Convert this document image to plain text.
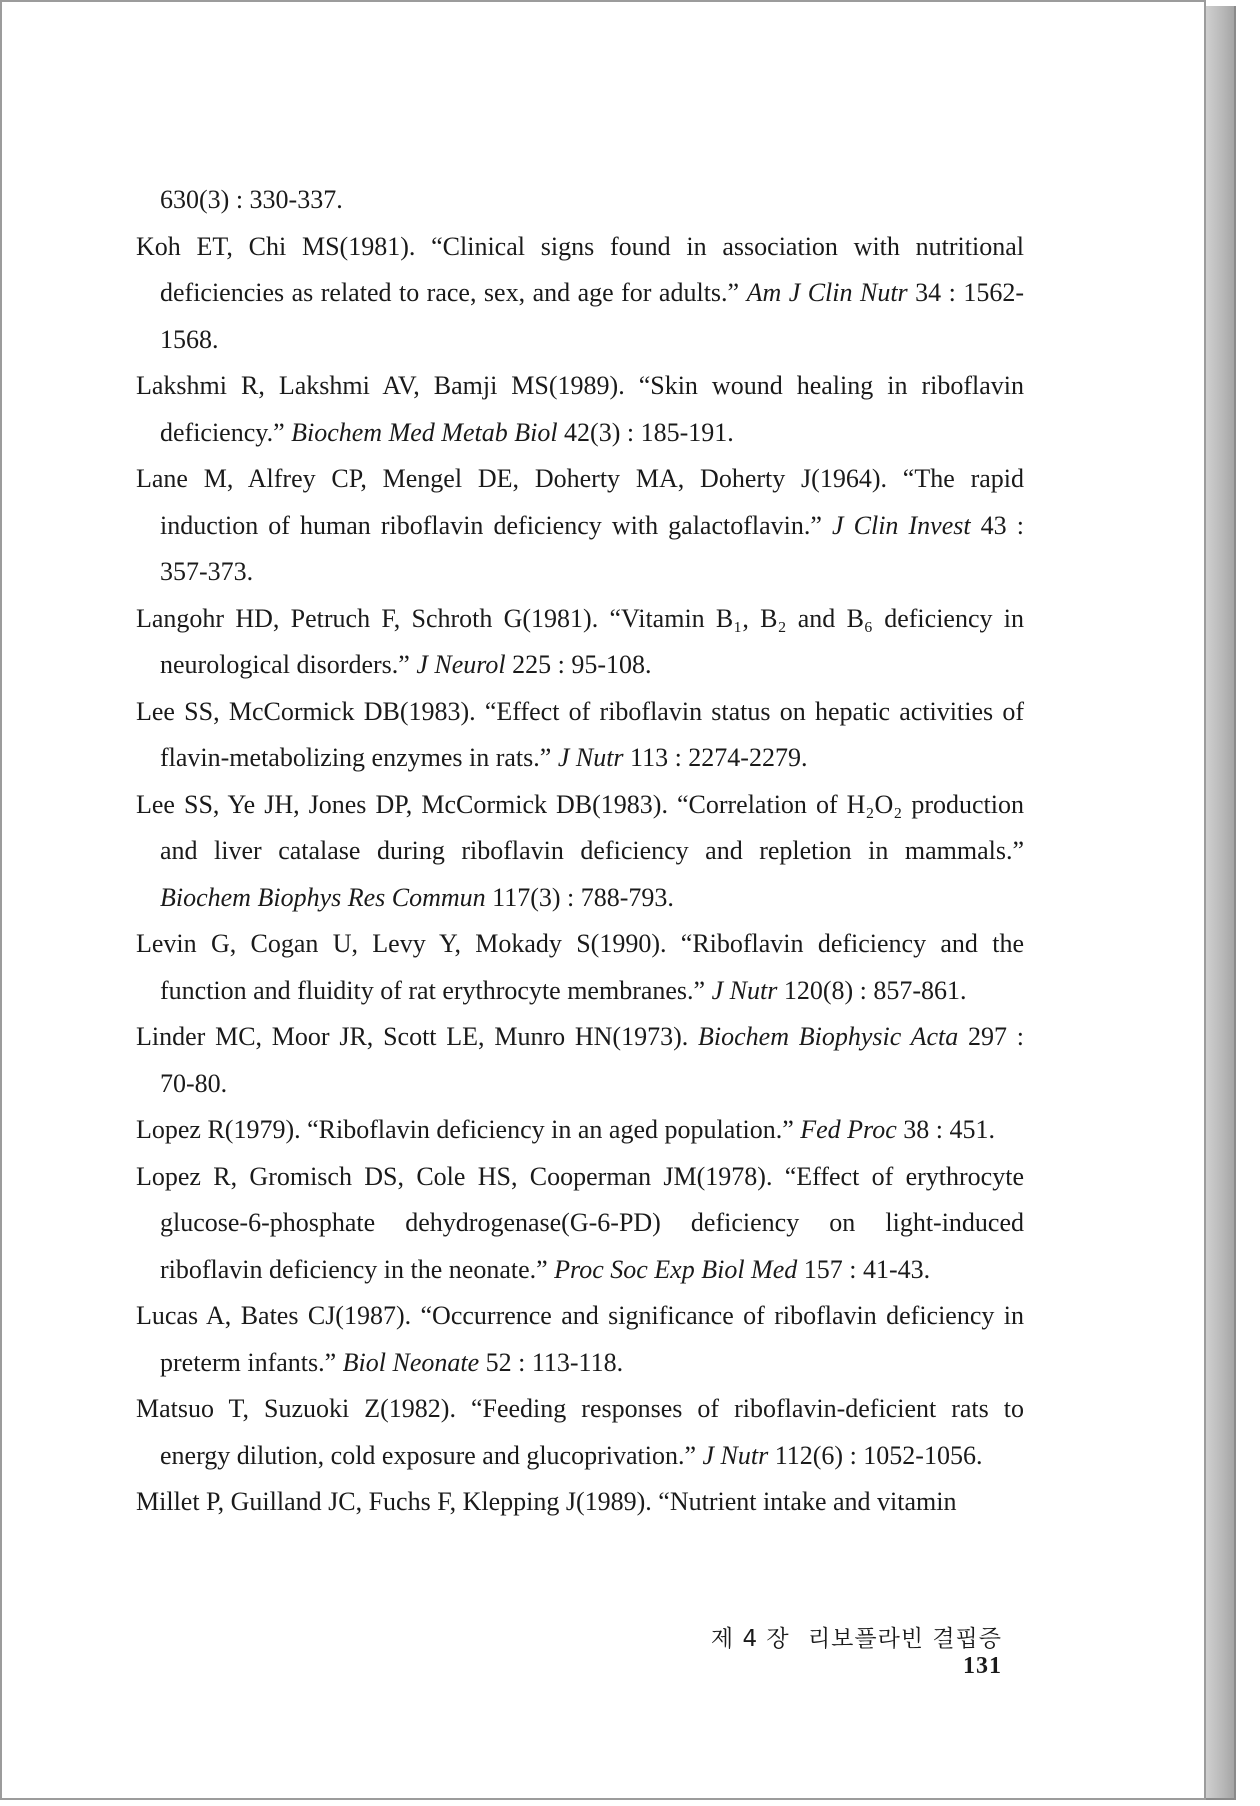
630(3) : 330-337.

Koh ET, Chi MS(1981). “Clinical signs found in association with nutritional deficiencies as related to race, sex, and age for adults.” Am J Clin Nutr 34 : 1562-1568.

Lakshmi R, Lakshmi AV, Bamji MS(1989). “Skin wound healing in riboflavin deficiency.” Biochem Med Metab Biol 42(3) : 185-191.

Lane M, Alfrey CP, Mengel DE, Doherty MA, Doherty J(1964). “The rapid induction of human riboflavin deficiency with galactoflavin.” J Clin Invest 43 : 357-373.

Langohr HD, Petruch F, Schroth G(1981). “Vitamin B₁, B₂ and B₆ deficiency in neurological disorders.” J Neurol 225 : 95-108.

Lee SS, McCormick DB(1983). “Effect of riboflavin status on hepatic activities of flavin-metabolizing enzymes in rats.” J Nutr 113 : 2274-2279.

Lee SS, Ye JH, Jones DP, McCormick DB(1983). “Correlation of H₂O₂ production and liver catalase during riboflavin deficiency and repletion in mammals.” Biochem Biophys Res Commun 117(3) : 788-793.

Levin G, Cogan U, Levy Y, Mokady S(1990). “Riboflavin deficiency and the function and fluidity of rat erythrocyte membranes.” J Nutr 120(8) : 857-861.

Linder MC, Moor JR, Scott LE, Munro HN(1973). Biochem Biophysic Acta 297 : 70-80.

Lopez R(1979). “Riboflavin deficiency in an aged population.” Fed Proc 38 : 451.

Lopez R, Gromisch DS, Cole HS, Cooperman JM(1978). “Effect of erythrocyte glucose-6-phosphate dehydrogenase(G-6-PD) deficiency on light-induced riboflavin deficiency in the neonate.” Proc Soc Exp Biol Med 157 : 41-43.

Lucas A, Bates CJ(1987). “Occurrence and significance of riboflavin deficiency in preterm infants.” Biol Neonate 52 : 113-118.

Matsuo T, Suzuoki Z(1982). “Feeding responses of riboflavin-deficient rats to energy dilution, cold exposure and glucoprivation.” J Nutr 112(6) : 1052-1056.

Millet P, Guilland JC, Fuchs F, Klepping J(1989). “Nutrient intake and vitamin

제 4 장 리보플라빈 결핍증 131
